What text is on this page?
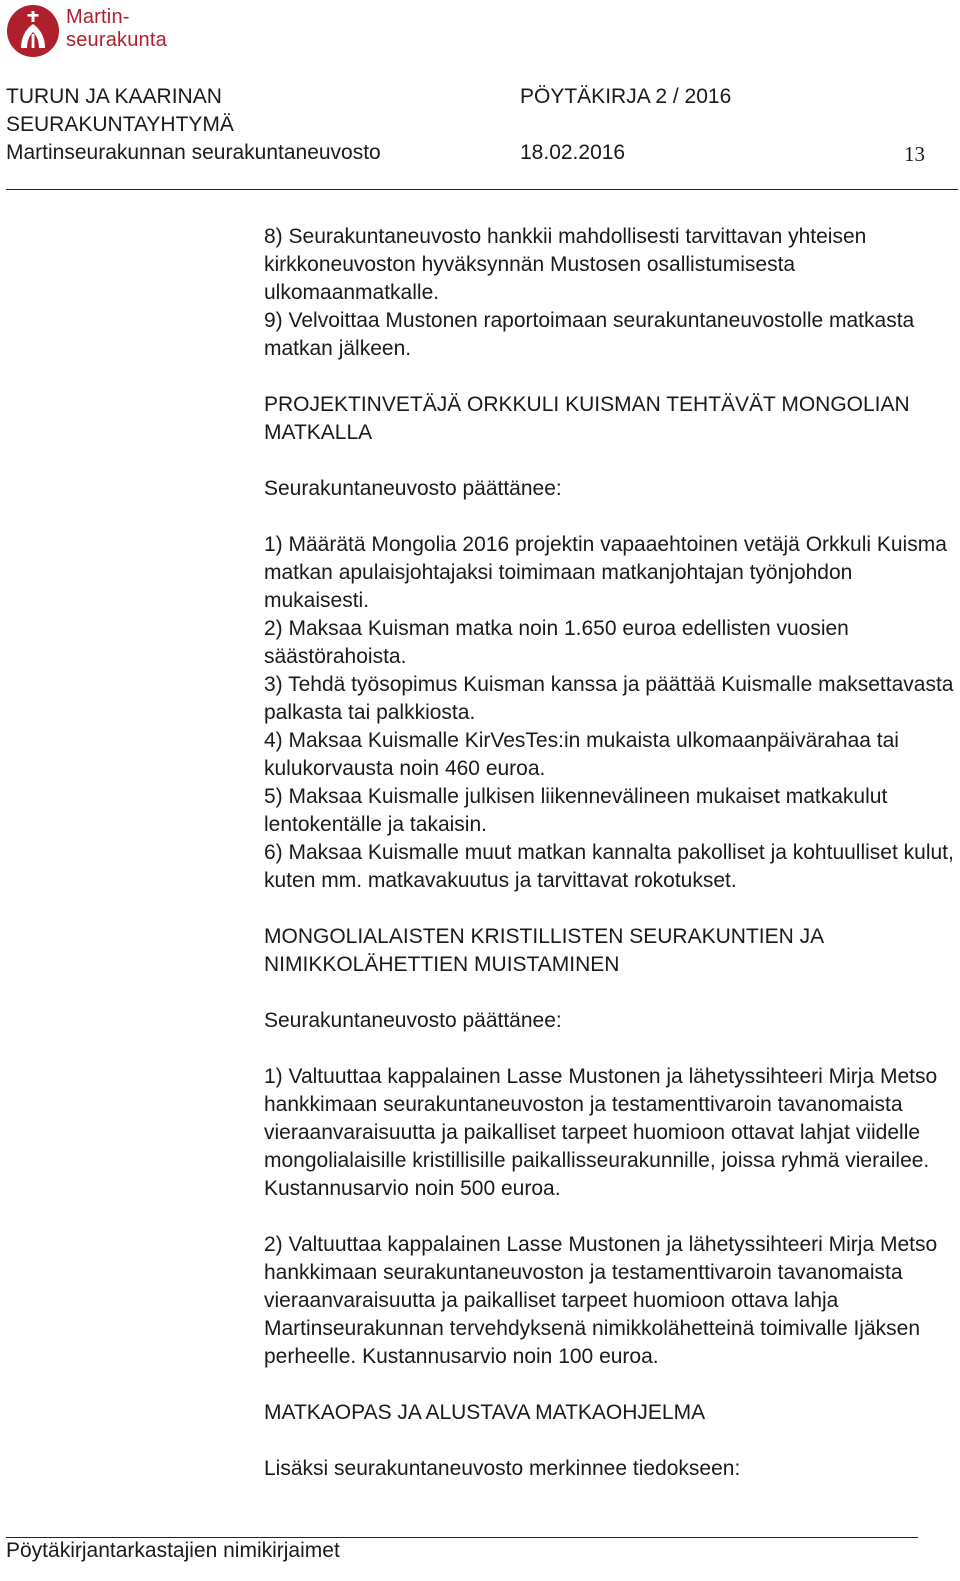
Martin-
seurakunta
TURUN JA KAARINAN
SEURAKUNTAYHTYMÄ
PÖYTÄKIRJA 2 / 2016
Martinseurakunnan seurakuntaneuvosto	18.02.2016	13

8) Seurakuntaneuvosto hankkii mahdollisesti tarvittavan yhteisen kirkkoneuvoston hyväksynnän Mustosen osallistumisesta ulkomaanmatkalle.

9) Velvoittaa Mustonen raportoimaan seurakuntaneuvostolle matkasta matkan jälkeen.

PROJEKTINVETÄJÄ ORKKULI KUISMAN TEHTÄVÄT MONGOLIAN MATKALLA

Seurakuntaneuvosto päättänee:

1) Määrätä Mongolia 2016 projektin vapaaehtoinen vetäjä Orkkuli Kuisma matkan apulaisjohtajaksi toimimaan matkanjohtajan työnjohdon mukaisesti.

2) Maksaa Kuisman matka noin 1.650 euroa edellisten vuosien säästörahoista.

3) Tehdä työsopimus Kuisman kanssa ja päättää Kuismalle maksettavasta palkasta tai palkkiosta.

4) Maksaa Kuismalle KirVesTes:in mukaista ulkomaanpäivärahaa tai kulukorvausta noin 460 euroa.

5) Maksaa Kuismalle julkisen liikennevälineen mukaiset matkakulut lentokentälle ja takaisin.

6) Maksaa Kuismalle muut matkan kannalta pakolliset ja kohtuulliset kulut, kuten mm. matkavakuutus ja tarvittavat rokotukset.

MONGOLIALAISTEN KRISTILLISTEN SEURAKUNTIEN JA NIMIKKOLÄHETTIEN MUISTAMINEN

Seurakuntaneuvosto päättänee:

1) Valtuuttaa kappalainen Lasse Mustonen ja lähetyssihteeri Mirja Metso hankkimaan seurakuntaneuvoston ja testamenttivaroin tavanomaista vieraanvaraisuutta ja paikalliset tarpeet huomioon ottavat lahjat viidelle mongolialaisille kristillisille paikallisseurakunnille, joissa ryhmä vierailee. Kustannusarvio noin 500 euroa.

2) Valtuuttaa kappalainen Lasse Mustonen ja lähetyssihteeri Mirja Metso hankkimaan seurakuntaneuvoston ja testamenttivaroin tavanomaista vieraanvaraisuutta ja paikalliset tarpeet huomioon ottava lahja Martinseurakunnan tervehdyksenä nimikkolähetteinä toimivalle Ijäksen perheelle. Kustannusarvio noin 100 euroa.

MATKAOPAS JA ALUSTAVA MATKAOHJELMA

Lisäksi seurakuntaneuvosto merkinnee tiedokseen:

Pöytäkirjantarkastajien nimikirjaimet
